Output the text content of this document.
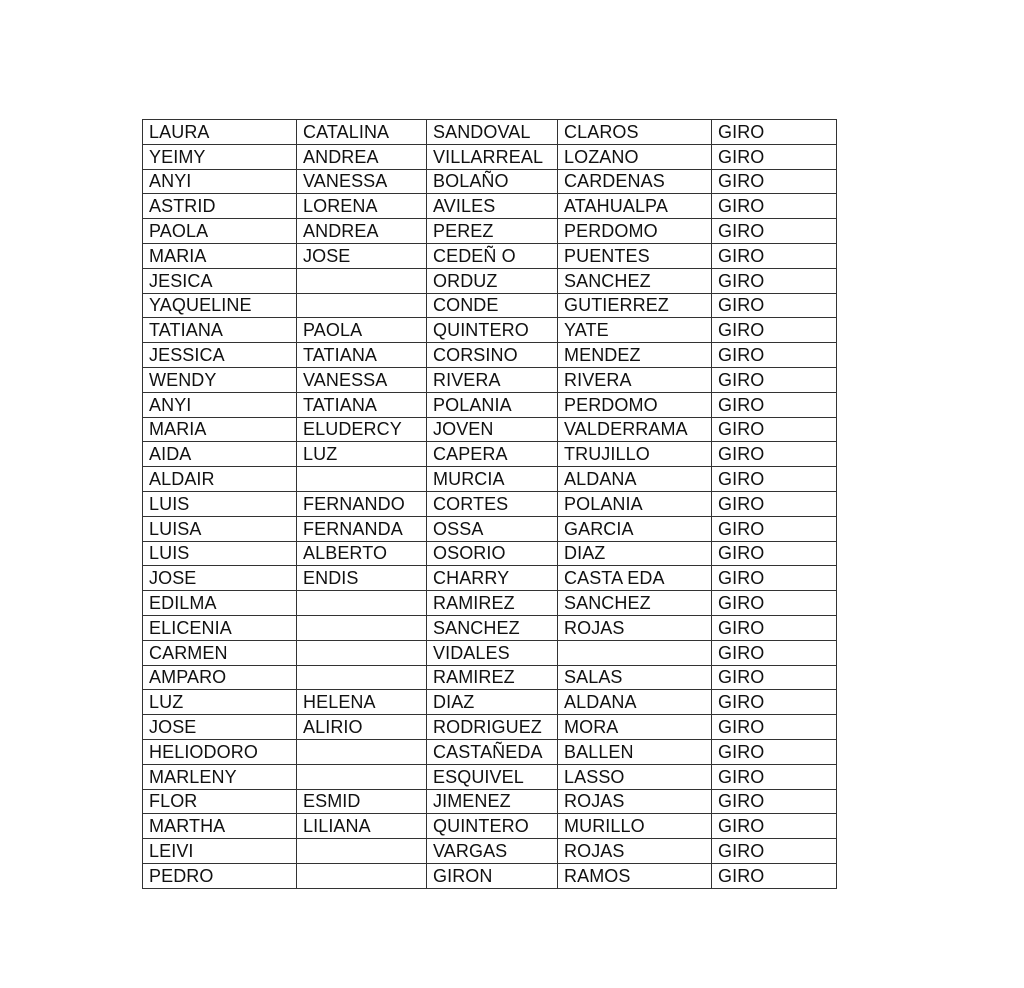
LAURA	CATALINA	SANDOVAL	CLAROS	GIRO
YEIMY	ANDREA	VILLARREAL	LOZANO	GIRO
ANYI	VANESSA	BOLAÑO	CARDENAS	GIRO
ASTRID	LORENA	AVILES	ATAHUALPA	GIRO
PAOLA	ANDREA	PEREZ	PERDOMO	GIRO
MARIA	JOSE	CEDEÑ O	PUENTES	GIRO
JESICA		ORDUZ	SANCHEZ	GIRO
YAQUELINE		CONDE	GUTIERREZ	GIRO
TATIANA	PAOLA	QUINTERO	YATE	GIRO
JESSICA	TATIANA	CORSINO	MENDEZ	GIRO
WENDY	VANESSA	RIVERA	RIVERA	GIRO
ANYI	TATIANA	POLANIA	PERDOMO	GIRO
MARIA	ELUDERCY	JOVEN	VALDERRAMA	GIRO
AIDA	LUZ	CAPERA	TRUJILLO	GIRO
ALDAIR		MURCIA	ALDANA	GIRO
LUIS	FERNANDO	CORTES	POLANIA	GIRO
LUISA	FERNANDA	OSSA	GARCIA	GIRO
LUIS	ALBERTO	OSORIO	DIAZ	GIRO
JOSE	ENDIS	CHARRY	CASTA EDA	GIRO
EDILMA		RAMIREZ	SANCHEZ	GIRO
ELICENIA		SANCHEZ	ROJAS	GIRO
CARMEN		VIDALES		GIRO
AMPARO		RAMIREZ	SALAS	GIRO
LUZ	HELENA	DIAZ	ALDANA	GIRO
JOSE	ALIRIO	RODRIGUEZ	MORA	GIRO
HELIODORO		CASTAÑEDA	BALLEN	GIRO
MARLENY		ESQUIVEL	LASSO	GIRO
FLOR	ESMID	JIMENEZ	ROJAS	GIRO
MARTHA	LILIANA	QUINTERO	MURILLO	GIRO
LEIVI		VARGAS	ROJAS	GIRO
PEDRO		GIRON	RAMOS	GIRO
